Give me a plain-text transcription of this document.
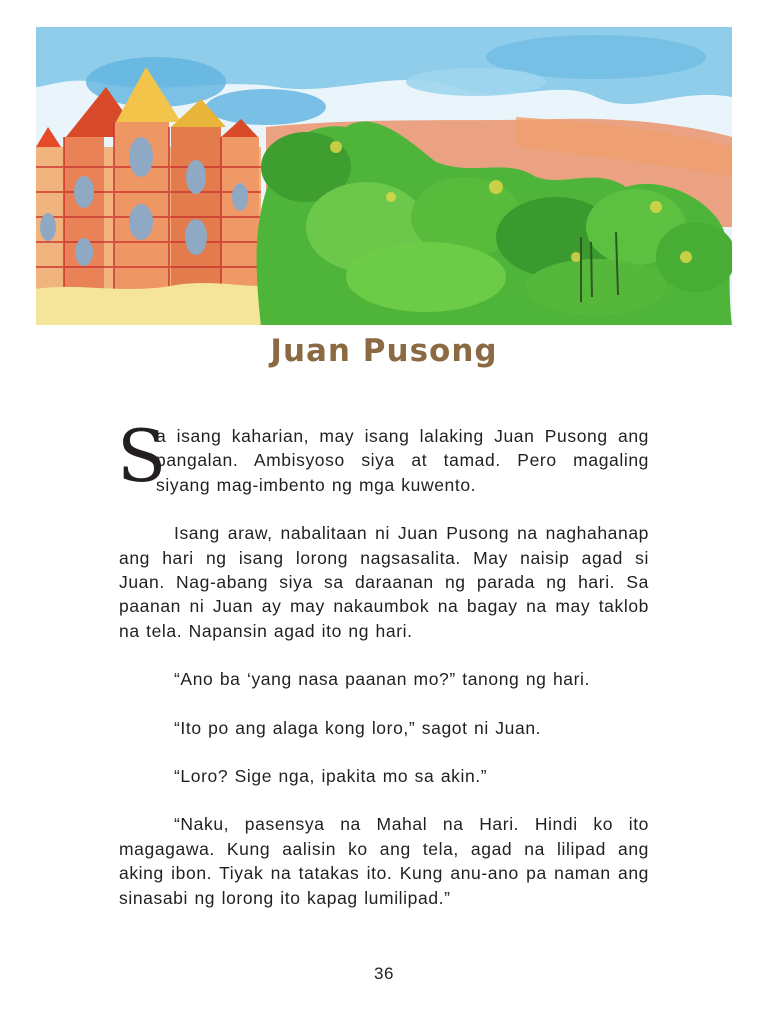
Juan Pusong

S
a isang kaharian, may isang lalaking Juan Pusong ang pangalan. Ambisyoso siya at tamad. Pero magaling siyang mag-imbento ng mga kuwento.

Isang araw, nabalitaan ni Juan Pusong na naghahanap ang hari ng isang lorong nagsasalita. May naisip agad si Juan. Nag-abang siya sa daraanan ng parada ng hari. Sa paanan ni Juan ay may nakaumbok na bagay na may taklob na tela. Napansin agad ito ng hari.

“Ano ba ‘yang nasa paanan mo?” tanong ng hari.

“Ito po ang alaga kong loro,” sagot ni Juan.

“Loro? Sige nga, ipakita mo sa akin.”

“Naku, pasensya na Mahal na Hari. Hindi ko ito magagawa. Kung aalisin ko ang tela, agad na lilipad ang aking ibon. Tiyak na tatakas ito. Kung anu-ano pa naman ang sinasabi ng lorong ito kapag lumilipad.”

36
